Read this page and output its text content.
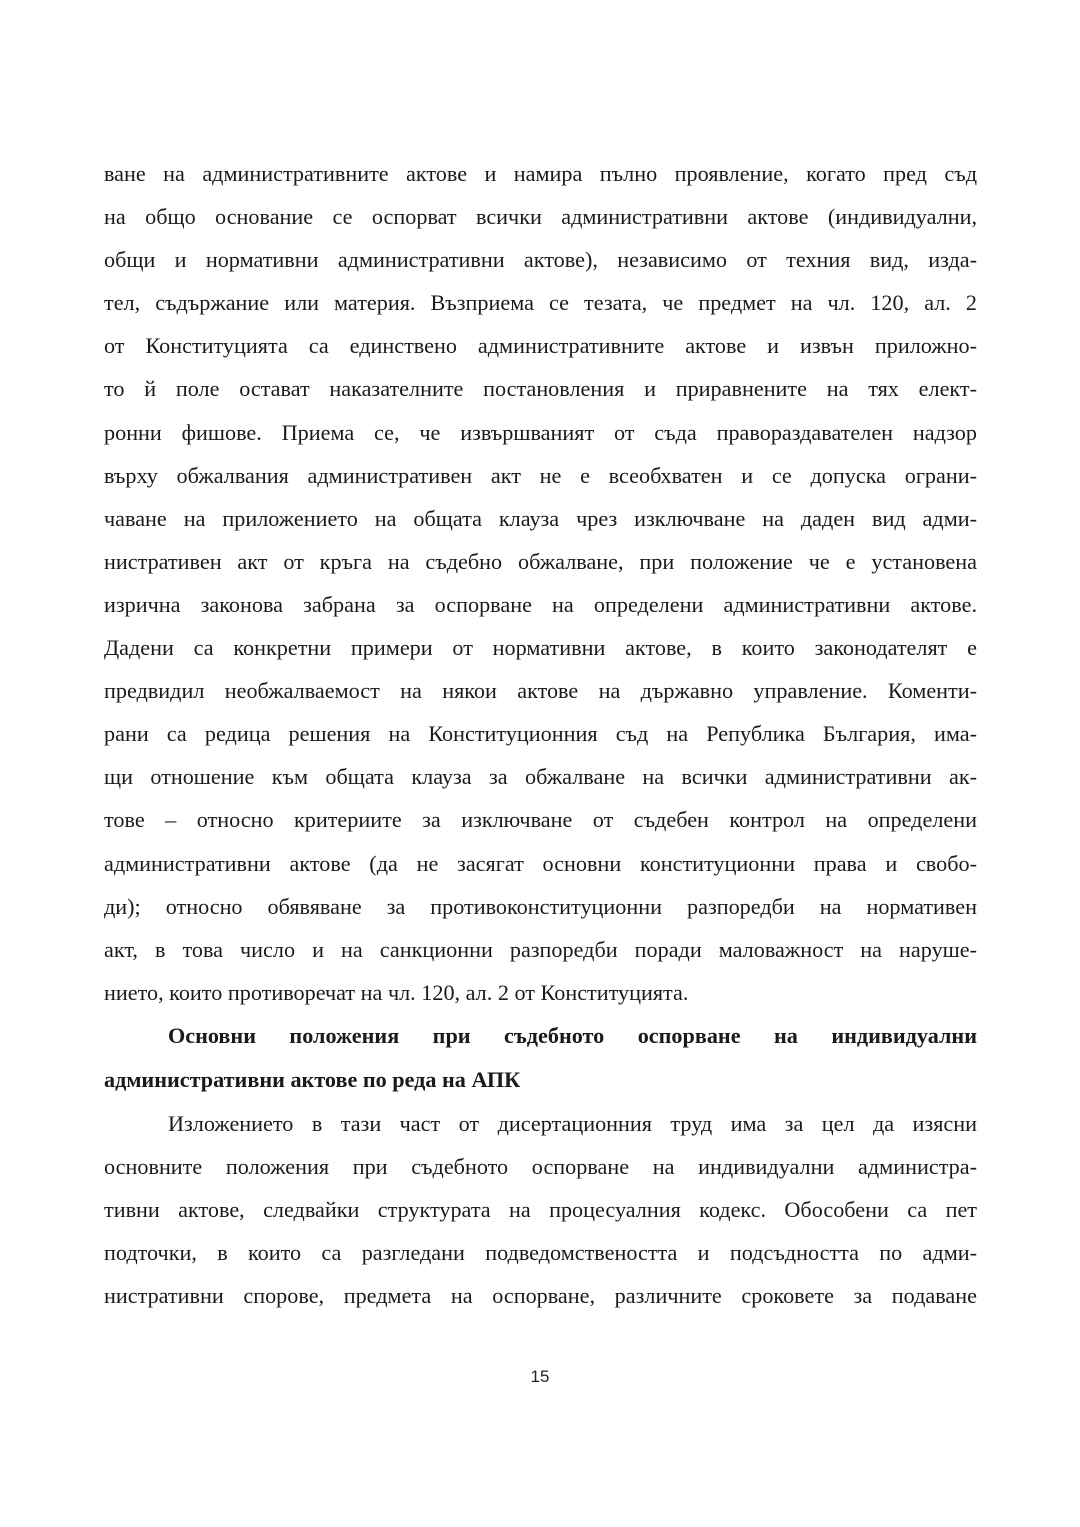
ване на административните актове и намира пълно проявление, когато пред съд
на общо основание се оспорват всички административни актове (индивидуални,
общи и нормативни административни актове), независимо от техния вид, изда-
тел, съдържание или материя. Възприема се тезата, че предмет на чл. 120, ал. 2
от Конституцията са единствено административните актове и извън приложно-
то й поле остават наказателните постановления и приравнените на тях елект-
ронни фишове. Приема се, че извършваният от съда правораздавателен надзор
върху обжалвания административен акт не е всеобхватен и се допуска ограни-
чаване на приложението на общата клауза чрез изключване на даден вид адми-
нистративен акт от кръга на съдебно обжалване, при положение че е установена
изрична законова забрана за оспорване на определени административни актове.
Дадени са конкретни примери от нормативни актове, в които законодателят е
предвидил необжалваемост на някои актове на държавно управление. Коменти-
рани са редица решения на Конституционния съд на Република България, има-
щи отношение към общата клауза за обжалване на всички административни ак-
тове – относно критериите за изключване от съдебен контрол на определени
административни актове (да не засягат основни конституционни права и свобо-
ди); относно обявяване за противоконституционни разпоредби на нормативен
акт, в това число и на санкционни разпоредби поради маловажност на наруше-
нието, които противоречат на чл. 120, ал. 2 от Конституцията.
Основни положения при съдебното оспорване на индивидуални
административни актове по реда на АПК
Изложението в тази част от дисертационния труд има за цел да изясни
основните положения при съдебното оспорване на индивидуални администра-
тивни актове, следвайки структурата на процесуалния кодекс. Обособени са пет
подточки, в които са разгледани подведомствеността и подсъдността по адми-
нистративни спорове, предмета на оспорване, различните сроковете за подаване
15
